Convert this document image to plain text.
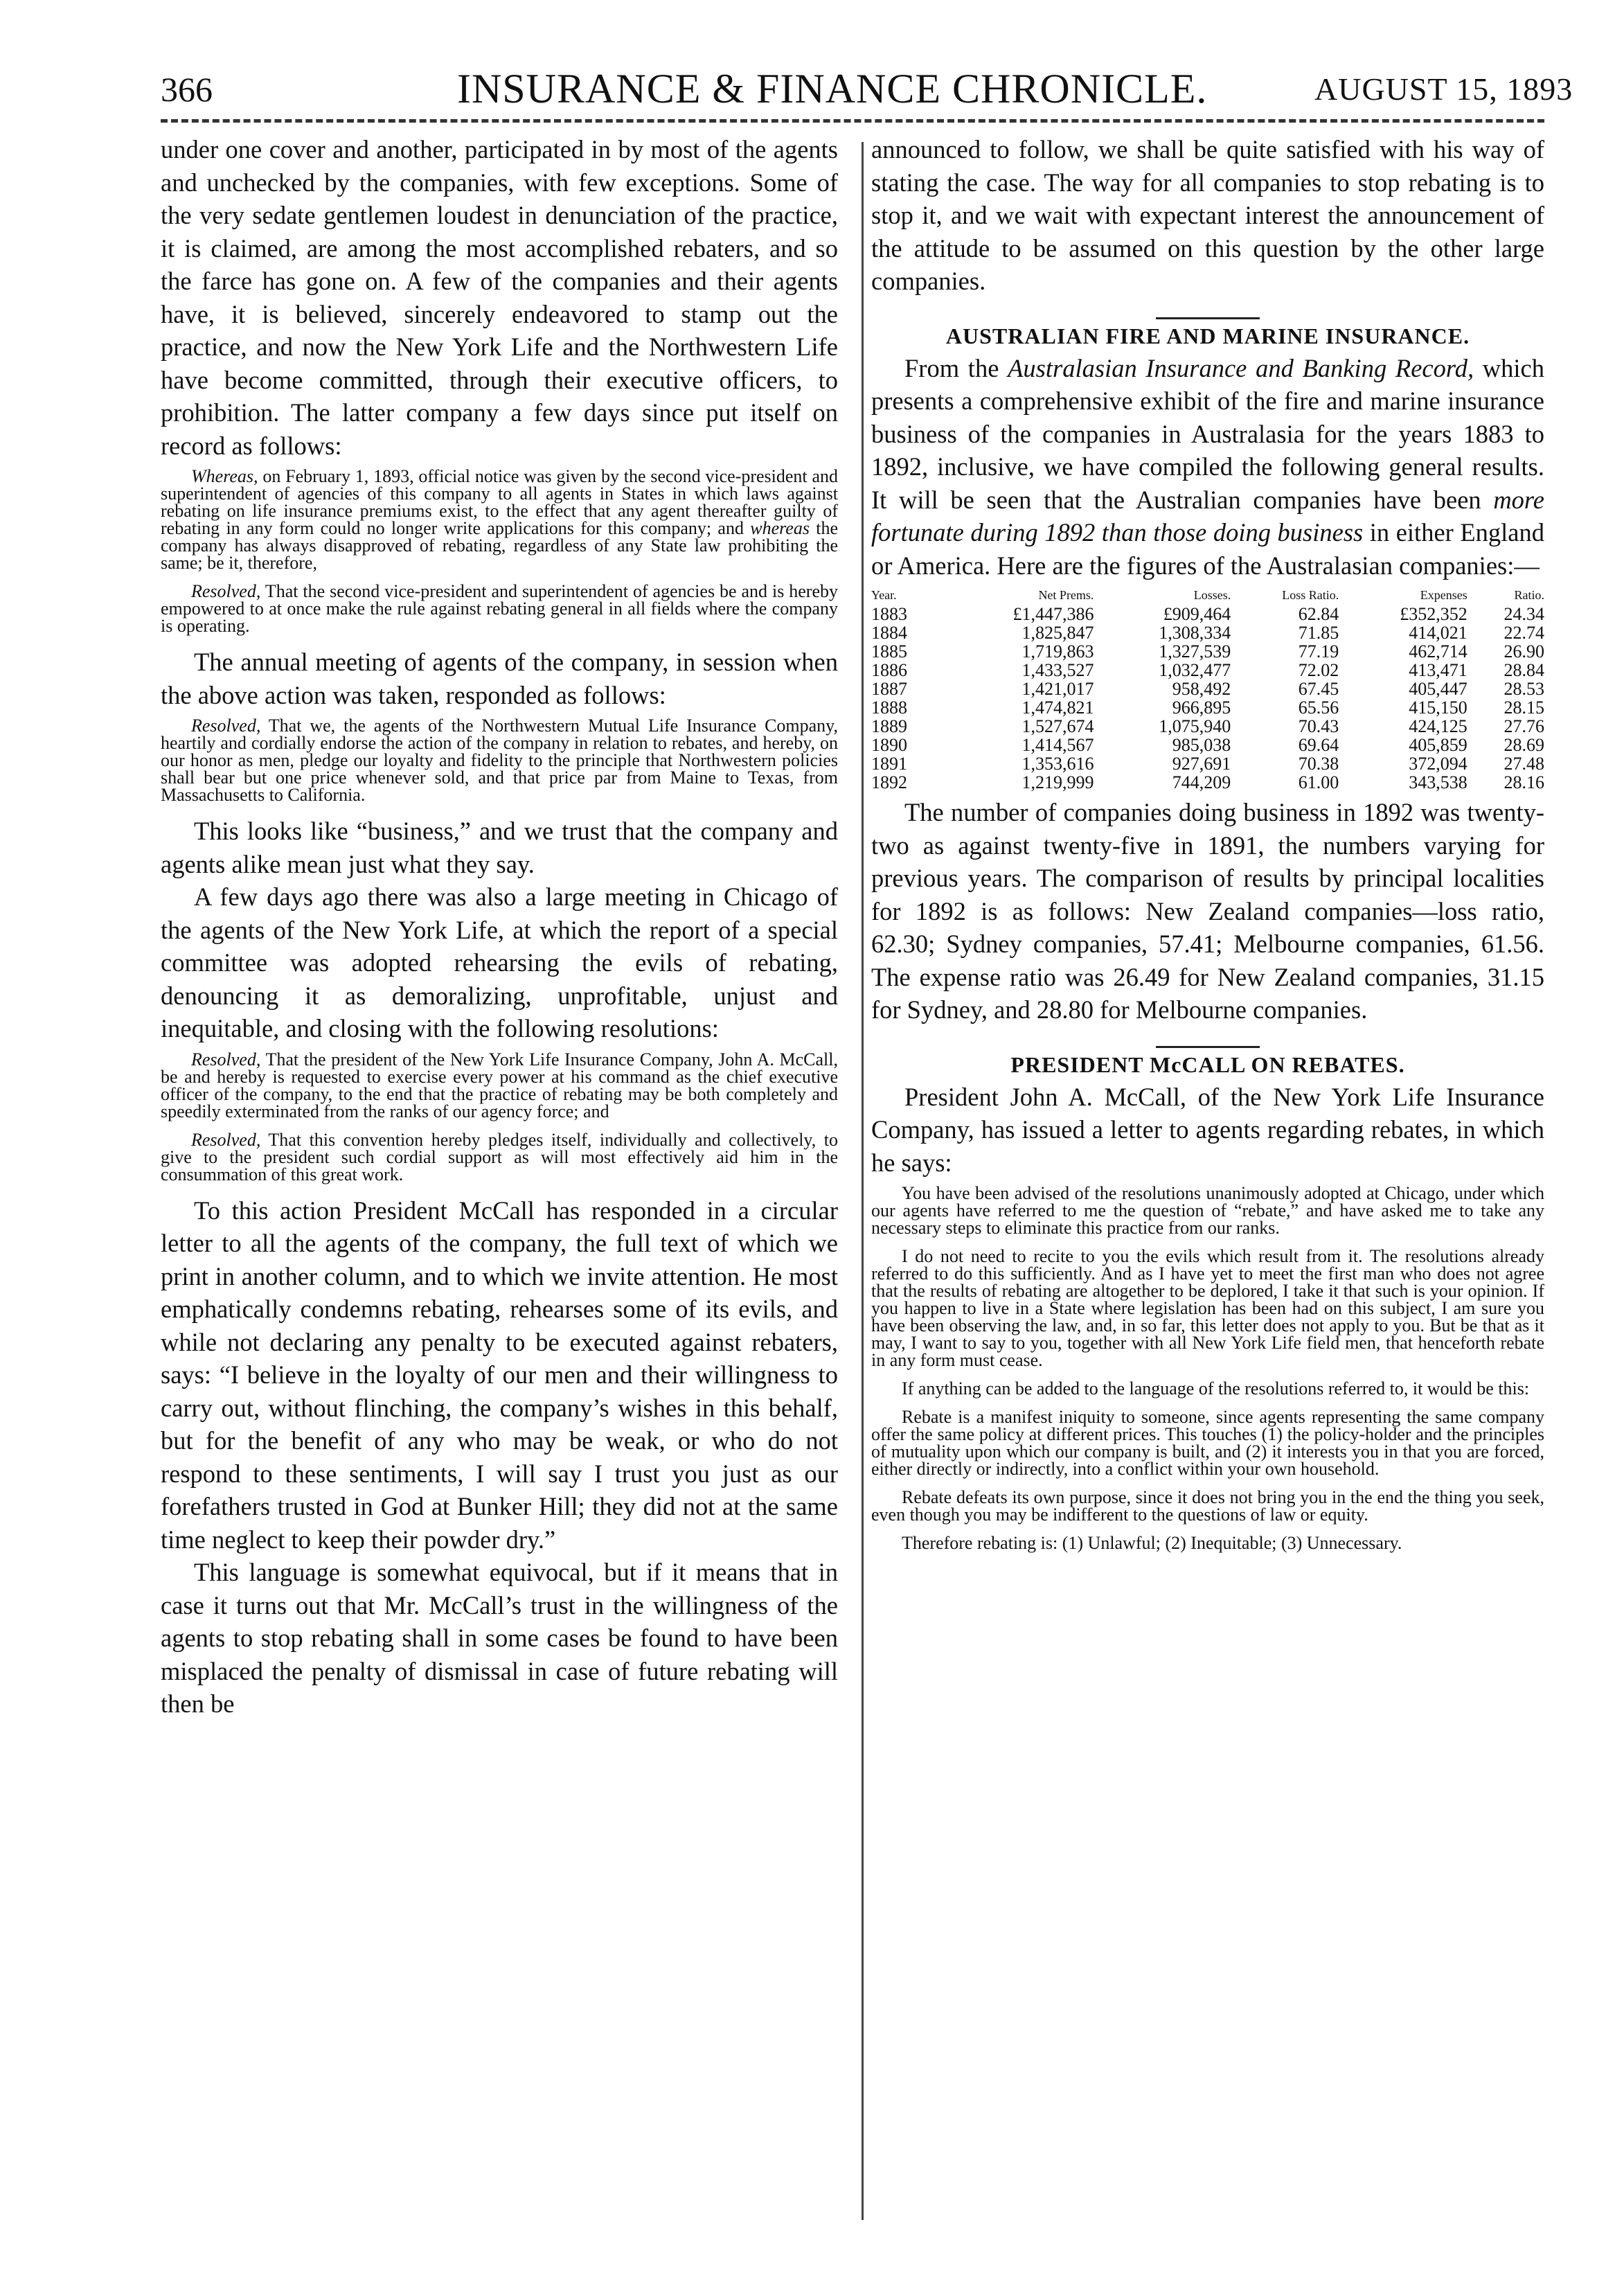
366	INSURANCE & FINANCE CHRONICLE.	AUGUST 15, 1893

under one cover and another, participated in by most of the agents and unchecked by the companies, with few exceptions. Some of the very sedate gentlemen loudest in denunciation of the practice, it is claimed, are among the most accomplished rebaters, and so the farce has gone on. A few of the companies and their agents have, it is believed, sincerely endeavored to stamp out the practice, and now the New York Life and the Northwestern Life have become committed, through their executive officers, to prohibition. The latter company a few days since put itself on record as follows:

Whereas, on February 1, 1893, official notice was given by the second vice-president and superintendent of agencies of this company to all agents in States in which laws against rebating on life insurance premiums exist, to the effect that any agent thereafter guilty of rebating in any form could no longer write applications for this company; and whereas the company has always disapproved of rebating, regardless of any State law prohibiting the same; be it, therefore,

Resolved, That the second vice-president and superintendent of agencies be and is hereby empowered to at once make the rule against rebating general in all fields where the company is operating.

The annual meeting of agents of the company, in session when the above action was taken, responded as follows:

Resolved, That we, the agents of the Northwestern Mutual Life Insurance Company, heartily and cordially endorse the action of the company in relation to rebates, and hereby, on our honor as men, pledge our loyalty and fidelity to the principle that Northwestern policies shall bear but one price whenever sold, and that price par from Maine to Texas, from Massachusetts to California.

This looks like “business,” and we trust that the company and agents alike mean just what they say.

A few days ago there was also a large meeting in Chicago of the agents of the New York Life, at which the report of a special committee was adopted rehearsing the evils of rebating, denouncing it as demoralizing, unprofitable, unjust and inequitable, and closing with the following resolutions:

Resolved, That the president of the New York Life Insurance Company, John A. McCall, be and hereby is requested to exercise every power at his command as the chief executive officer of the company, to the end that the practice of rebating may be both completely and speedily exterminated from the ranks of our agency force; and

Resolved, That this convention hereby pledges itself, individually and collectively, to give to the president such cordial support as will most effectively aid him in the consummation of this great work.

To this action President McCall has responded in a circular letter to all the agents of the company, the full text of which we print in another column, and to which we invite attention. He most emphatically condemns rebating, rehearses some of its evils, and while not declaring any penalty to be executed against rebaters, says: “I believe in the loyalty of our men and their willingness to carry out, without flinching, the company’s wishes in this behalf, but for the benefit of any who may be weak, or who do not respond to these sentiments, I will say I trust you just as our forefathers trusted in God at Bunker Hill; they did not at the same time neglect to keep their powder dry.”

This language is somewhat equivocal, but if it means that in case it turns out that Mr. McCall’s trust in the willingness of the agents to stop rebating shall in some cases be found to have been misplaced the penalty of dismissal in case of future rebating will then be

announced to follow, we shall be quite satisfied with his way of stating the case. The way for all companies to stop rebating is to stop it, and we wait with expectant interest the announcement of the attitude to be assumed on this question by the other large companies.

AUSTRALIAN FIRE AND MARINE INSURANCE.

From the Australasian Insurance and Banking Record, which presents a comprehensive exhibit of the fire and marine insurance business of the companies in Australasia for the years 1883 to 1892, inclusive, we have compiled the following general results. It will be seen that the Australian companies have been more fortunate during 1892 than those doing business in either England or America. Here are the figures of the Australasian companies:—

Year.	Net Prems.	Losses.	Loss Ratio.	Expenses	Ratio.
1883	£1,447,386	£909,464	62.84	£352,352	24.34
1884	1,825,847	1,308,334	71.85	414,021	22.74
1885	1,719,863	1,327,539	77.19	462,714	26.90
1886	1,433,527	1,032,477	72.02	413,471	28.84
1887	1,421,017	958,492	67.45	405,447	28.53
1888	1,474,821	966,895	65.56	415,150	28.15
1889	1,527,674	1,075,940	70.43	424,125	27.76
1890	1,414,567	985,038	69.64	405,859	28.69
1891	1,353,616	927,691	70.38	372,094	27.48
1892	1,219,999	744,209	61.00	343,538	28.16

The number of companies doing business in 1892 was twenty-two as against twenty-five in 1891, the numbers varying for previous years. The comparison of results by principal localities for 1892 is as follows: New Zealand companies—loss ratio, 62.30; Sydney companies, 57.41; Melbourne companies, 61.56. The expense ratio was 26.49 for New Zealand companies, 31.15 for Sydney, and 28.80 for Melbourne companies.

PRESIDENT McCALL ON REBATES.

President John A. McCall, of the New York Life Insurance Company, has issued a letter to agents regarding rebates, in which he says:

You have been advised of the resolutions unanimously adopted at Chicago, under which our agents have referred to me the question of “rebate,” and have asked me to take any necessary steps to eliminate this practice from our ranks.

I do not need to recite to you the evils which result from it. The resolutions already referred to do this sufficiently. And as I have yet to meet the first man who does not agree that the results of rebating are altogether to be deplored, I take it that such is your opinion. If you happen to live in a State where legislation has been had on this subject, I am sure you have been observing the law, and, in so far, this letter does not apply to you. But be that as it may, I want to say to you, together with all New York Life field men, that henceforth rebate in any form must cease.

If anything can be added to the language of the resolutions referred to, it would be this:

Rebate is a manifest iniquity to someone, since agents representing the same company offer the same policy at different prices. This touches (1) the policy-holder and the principles of mutuality upon which our company is built, and (2) it interests you in that you are forced, either directly or indirectly, into a conflict within your own household.

Rebate defeats its own purpose, since it does not bring you in the end the thing you seek, even though you may be indifferent to the questions of law or equity.

Therefore rebating is: (1) Unlawful; (2) Inequitable; (3) Unnecessary.
